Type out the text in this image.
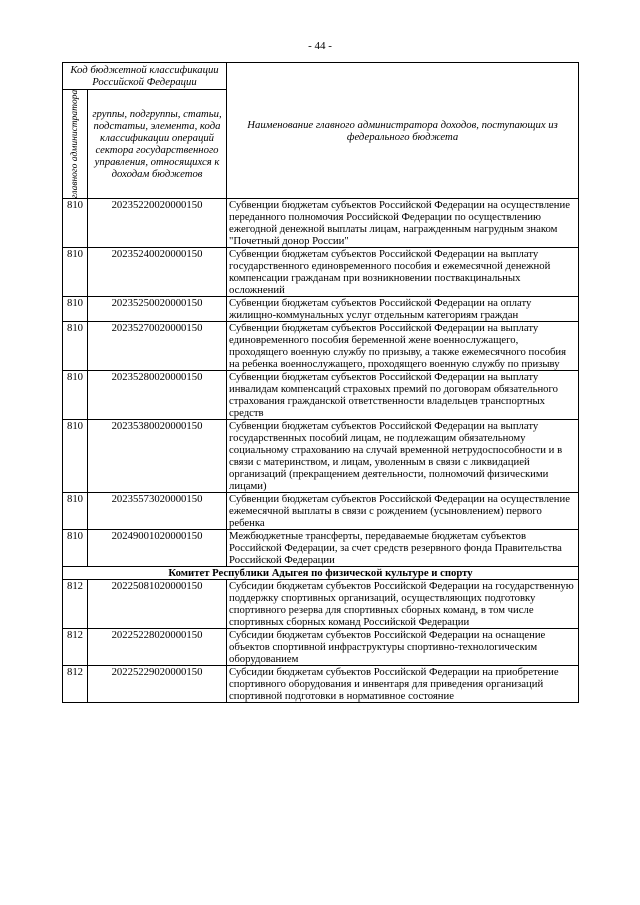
- 44 -
Код бюджетной классификации Российской Федерации		Наименование главного администратора доходов, поступающих из федерального бюджета

главного администратора	группы, подгруппы, статьи, подстатьи, элемента, кода классификации операций сектора государственного управления, относящихся к доходам бюджетов	
810	20235220020000150	Субвенции бюджетам субъектов Российской Федерации на осуществление переданного полномочия Российской Федерации по осуществлению ежегодной денежной выплаты лицам, награжденным нагрудным знаком "Почетный донор России"
810	20235240020000150	Субвенции бюджетам субъектов Российской Федерации на выплату государственного единовременного пособия и ежемесячной денежной компенсации гражданам при возникновении поствакцинальных осложнений
810	20235250020000150	Субвенции бюджетам субъектов Российской Федерации на оплату жилищно-коммунальных услуг отдельным категориям граждан
810	20235270020000150	Субвенции бюджетам субъектов Российской Федерации на выплату единовременного пособия беременной жене военнослужащего, проходящего военную службу по призыву, а также ежемесячного пособия на ребенка военнослужащего, проходящего военную службу по призыву
810	20235280020000150	Субвенции бюджетам субъектов Российской Федерации на выплату инвалидам компенсаций страховых премий по договорам обязательного страхования гражданской ответственности владельцев транспортных средств
810	20235380020000150	Субвенции бюджетам субъектов Российской Федерации на выплату государственных пособий лицам, не подлежащим обязательному социальному страхованию на случай временной нетрудоспособности и в связи с материнством, и лицам, уволенным в связи с ликвидацией организаций (прекращением деятельности, полномочий физическими лицами)
810	20235573020000150	Субвенции бюджетам субъектов Российской Федерации на осуществление ежемесячной выплаты в связи с рождением (усыновлением) первого ребенка
810	20249001020000150	Межбюджетные трансферты, передаваемые бюджетам субъектов Российской Федерации, за счет средств резервного фонда Правительства Российской Федерации
Комитет Республики Адыгея по физической культуре и спорту		
812	20225081020000150	Субсидии бюджетам субъектов Российской Федерации на государственную поддержку спортивных организаций, осуществляющих подготовку спортивного резерва для спортивных сборных команд, в том числе спортивных сборных команд Российской Федерации
812	20225228020000150	Субсидии бюджетам субъектов Российской Федерации на оснащение объектов спортивной инфраструктуры спортивно-технологическим оборудованием
812	20225229020000150	Субсидии бюджетам субъектов Российской Федерации на приобретение спортивного оборудования и инвентаря для приведения организаций спортивной подготовки в нормативное состояние
